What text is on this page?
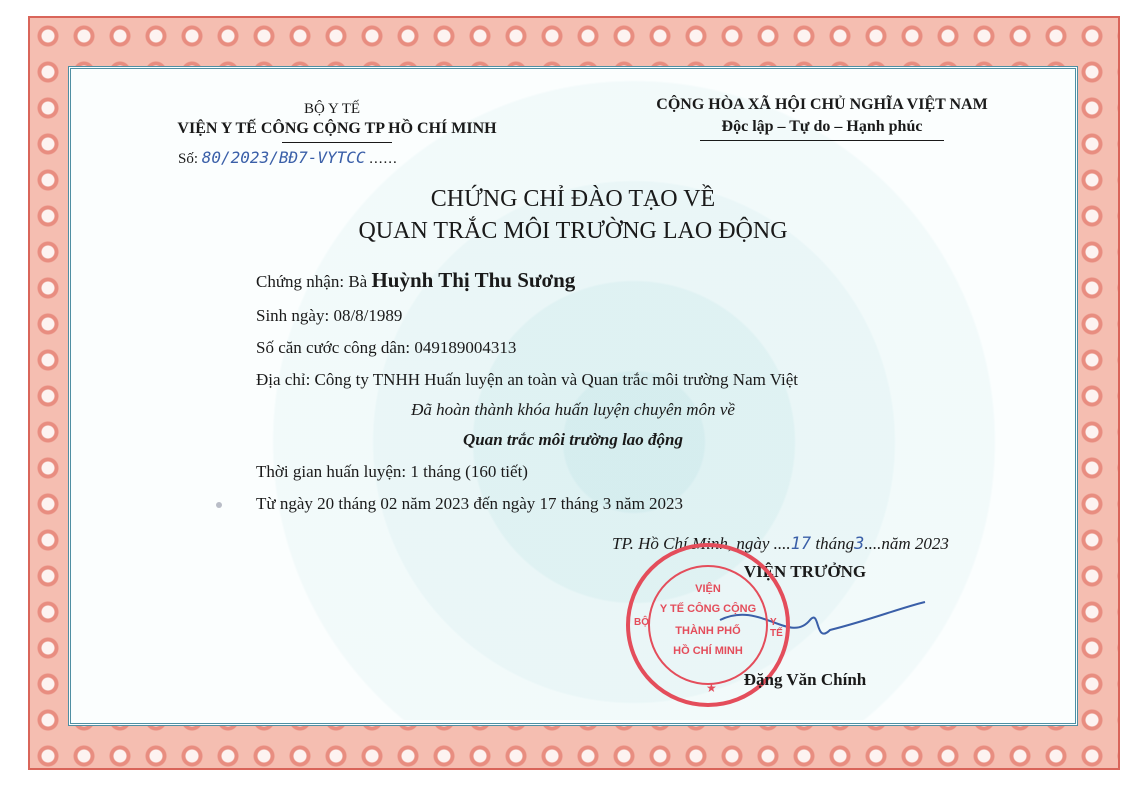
BỘ Y TẾ
VIỆN Y TẾ CÔNG CỘNG TP HỒ CHÍ MINH
Số: 80/2023/BĐ7-VYTCC ......
CỘNG HÒA XÃ HỘI CHỦ NGHĨA VIỆT NAM
Độc lập – Tự do – Hạnh phúc
CHỨNG CHỈ ĐÀO TẠO VỀ
QUAN TRẮC MÔI TRƯỜNG LAO ĐỘNG
Chứng nhận: Bà Huỳnh Thị Thu Sương
Sinh ngày: 08/8/1989
Số căn cước công dân: 049189004313
Địa chỉ: Công ty TNHH Huấn luyện an toàn và Quan trắc môi trường Nam Việt
Đã hoàn thành khóa huấn luyện chuyên môn về
Quan trắc môi trường lao động
Thời gian huấn luyện: 1 tháng (160 tiết)
Từ ngày 20 tháng 02 năm 2023 đến ngày 17 tháng 3 năm 2023
TP. Hồ Chí Minh, ngày ....17 tháng3....năm 2023
VIỆN TRƯỞNG
VIỆN
Y TẾ CÔNG CỘNG
THÀNH PHỐ
HỒ CHÍ MINH
BỘ	Y TẾ
★	Đặng Văn Chính
